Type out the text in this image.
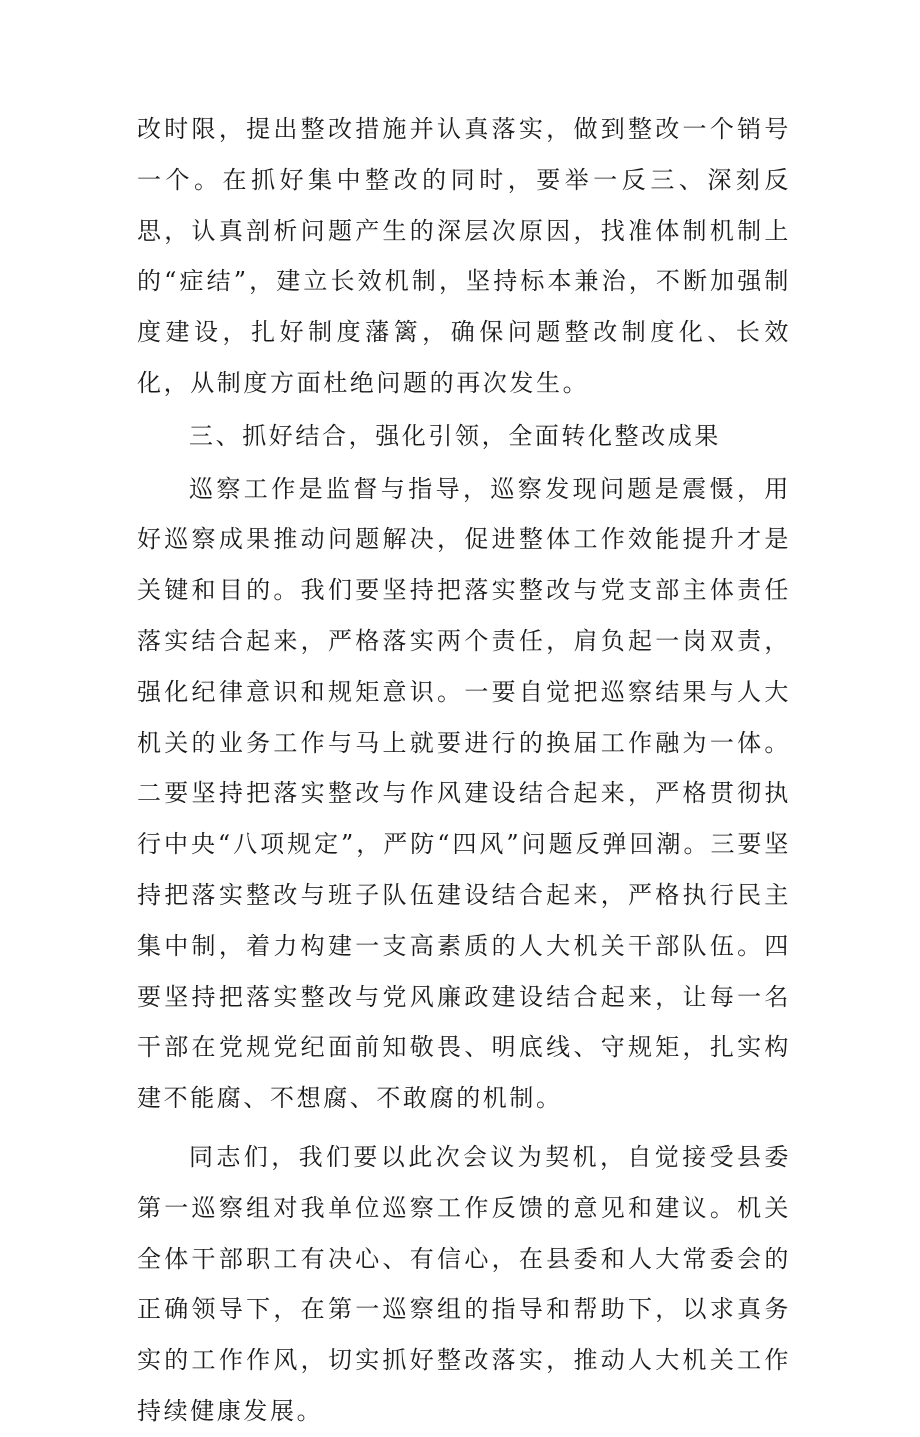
改时限，提出整改措施并认真落实，做到整改一个销号一个。在抓好集中整改的同时，要举一反三、深刻反思，认真剖析问题产生的深层次原因，找准体制机制上的“症结”，建立长效机制，坚持标本兼治，不断加强制度建设，扎好制度藩篱，确保问题整改制度化、长效化，从制度方面杜绝问题的再次发生。

三、抓好结合，强化引领，全面转化整改成果

巡察工作是监督与指导，巡察发现问题是震慑，用好巡察成果推动问题解决，促进整体工作效能提升才是关键和目的。我们要坚持把落实整改与党支部主体责任落实结合起来，严格落实两个责任，肩负起一岗双责，强化纪律意识和规矩意识。一要自觉把巡察结果与人大机关的业务工作与马上就要进行的换届工作融为一体。二要坚持把落实整改与作风建设结合起来，严格贯彻执行中央“八项规定”，严防“四风”问题反弹回潮。三要坚持把落实整改与班子队伍建设结合起来，严格执行民主集中制，着力构建一支高素质的人大机关干部队伍。四要坚持把落实整改与党风廉政建设结合起来，让每一名干部在党规党纪面前知敬畏、明底线、守规矩，扎实构建不能腐、不想腐、不敢腐的机制。

同志们，我们要以此次会议为契机，自觉接受县委第一巡察组对我单位巡察工作反馈的意见和建议。机关全体干部职工有决心、有信心，在县委和人大常委会的正确领导下，在第一巡察组的指导和帮助下，以求真务实的工作作风，切实抓好整改落实，推动人大机关工作持续健康发展。
